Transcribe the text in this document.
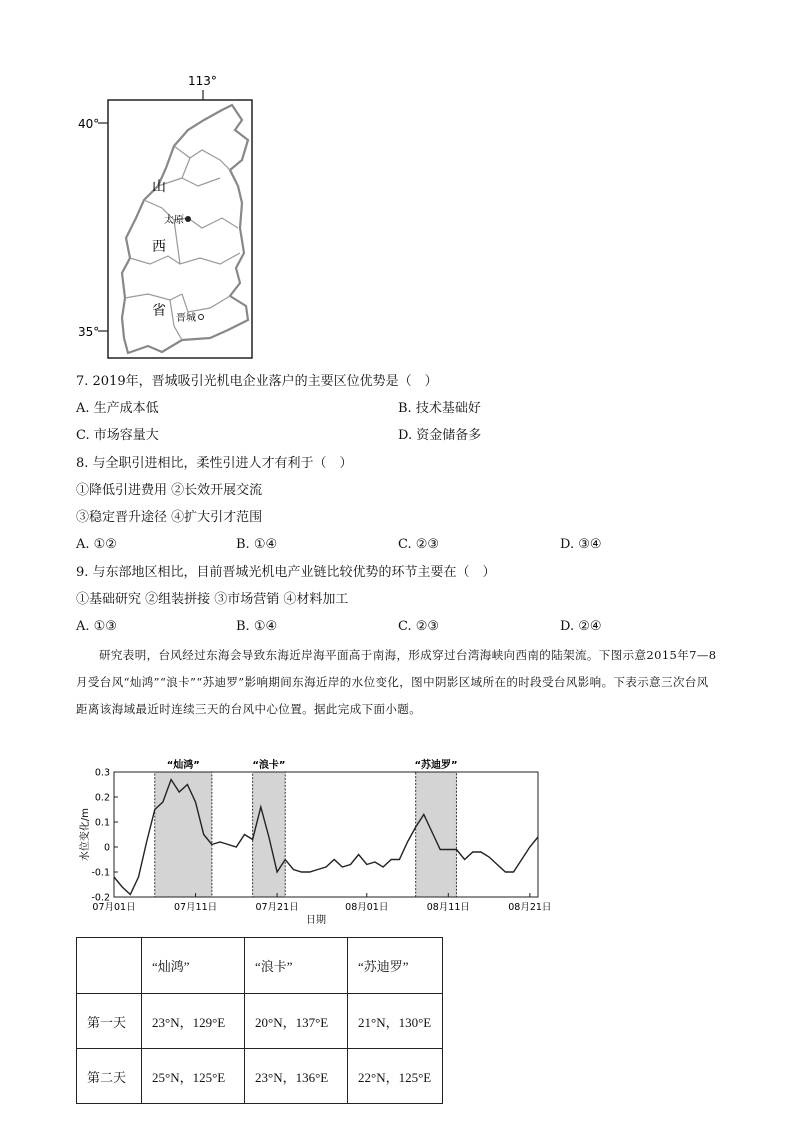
113°
40°
35°
山
西
省
太原
晋城
7. 2019年，晋城吸引光机电企业落户的主要区位优势是（　）
A. 生产成本低	B. 技术基础好
C. 市场容量大	D. 资金储备多
8. 与全职引进相比，柔性引进人才有利于（　）
①降低引进费用 ②长效开展交流
③稳定晋升途径 ④扩大引才范围
A. ①②	B. ①④	C. ②③	D. ③④
9. 与东部地区相比，目前晋城光机电产业链比较优势的环节主要在（　）
①基础研究 ②组装拼接 ③市场营销 ④材料加工
A. ①③	B. ①④	C. ②③	D. ②④
研究表明，台风经过东海会导致东海近岸海平面高于南海，形成穿过台湾海峡向西南的陆架流。下图示意2015年7—8月受台风“灿鸿”“浪卡”“苏迪罗”影响期间东海近岸的水位变化，图中阴影区域所在的时段受台风影响。下表示意三次台风距离该海域最近时连续三天的台风中心位置。据此完成下面小题。
“灿鸿”	“浪卡”	“苏迪罗”
0.3
0.2
0.1
0
-0.1
-0.2
07月01日	07月11日	07月21日	08月01日	08月11日	08月21日
水位变化/m
日期
	“灿鸿”	“浪卡”	“苏迪罗”
第一天	23°N，129°E	20°N，137°E	21°N，130°E
第二天	25°N，125°E	23°N，136°E	22°N，125°E
